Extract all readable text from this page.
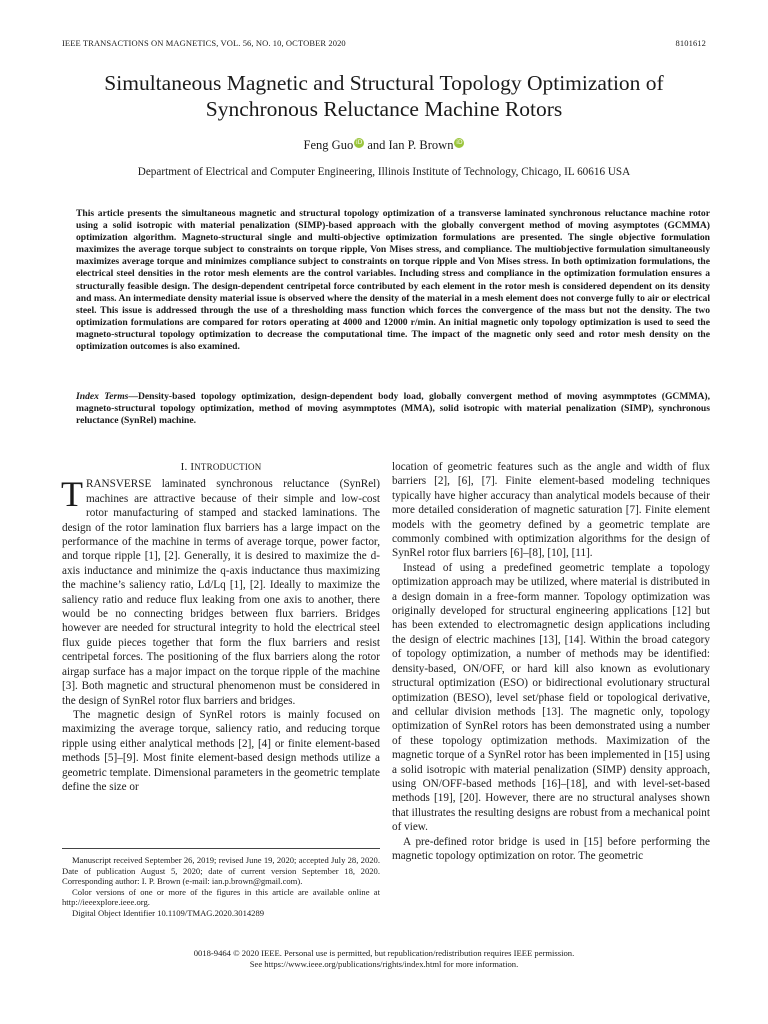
IEEE TRANSACTIONS ON MAGNETICS, VOL. 56, NO. 10, OCTOBER 2020	8101612
Simultaneous Magnetic and Structural Topology Optimization of
Synchronous Reluctance Machine Rotors
Feng Guo iD and Ian P. Brown iD
Department of Electrical and Computer Engineering, Illinois Institute of Technology, Chicago, IL 60616 USA
This article presents the simultaneous magnetic and structural topology optimization of a transverse laminated synchronous reluctance machine rotor using a solid isotropic with material penalization (SIMP)-based approach with the globally convergent method of moving asymptotes (GCMMA) optimization algorithm. Magneto-structural single and multi-objective optimization formulations are presented. The single objective formulation maximizes the average torque subject to constraints on torque ripple, Von Mises stress, and compliance. The multiobjective formulation simultaneously maximizes average torque and minimizes compliance subject to constraints on torque ripple and Von Mises stress. In both optimization formulations, the electrical steel densities in the rotor mesh elements are the control variables. Including stress and compliance in the optimization formulation ensures a structurally feasible design. The design-dependent centripetal force contributed by each element in the rotor mesh is considered dependent on its density and mass. An intermediate density material issue is observed where the density of the material in a mesh element does not converge fully to air or electrical steel. This issue is addressed through the use of a thresholding mass function which forces the convergence of the mass but not the density. The two optimization formulations are compared for rotors operating at 4000 and 12000 r/min. An initial magnetic only topology optimization is used to seed the magneto-structural topology optimization to decrease the computational time. The impact of the magnetic only seed and rotor mesh density on the optimization outcomes is also examined.
Index Terms—Density-based topology optimization, design-dependent body load, globally convergent method of moving asymmptotes (GCMMA), magneto-structural topology optimization, method of moving asymmptotes (MMA), solid isotropic with material penalization (SIMP), synchronous reluctance (SynRel) machine.
I. INTRODUCTION

TRANSVERSE laminated synchronous reluctance (SynRel) machines are attractive because of their simple and low-cost rotor manufacturing of stamped and stacked laminations. The design of the rotor lamination flux barriers has a large impact on the performance of the machine in terms of average torque, power factor, and torque ripple [1], [2]. Generally, it is desired to maximize the d-axis inductance and minimize the q-axis inductance thus maximizing the machine’s saliency ratio, Ld/Lq [1], [2]. Ideally to maximize the saliency ratio and reduce flux leaking from one axis to another, there would be no connecting bridges between flux barriers. Bridges however are needed for structural integrity to hold the electrical steel flux guide pieces together that form the flux barriers and resist centripetal forces. The positioning of the flux barriers along the rotor airgap surface has a major impact on the torque ripple of the machine [3]. Both magnetic and structural phenomenon must be considered in the design of SynRel rotor flux barriers and bridges.

The magnetic design of SynRel rotors is mainly focused on maximizing the average torque, saliency ratio, and reducing torque ripple using either analytical methods [2], [4] or finite element-based methods [5]–[9]. Most finite element-based design methods utilize a geometric template. Dimensional parameters in the geometric template define the size or

location of geometric features such as the angle and width of flux barriers [2], [6], [7]. Finite element-based modeling techniques typically have higher accuracy than analytical models because of their more detailed consideration of magnetic saturation [7]. Finite element models with the geometry defined by a geometric template are commonly combined with optimization algorithms for the design of SynRel rotor flux barriers [6]–[8], [10], [11].

Instead of using a predefined geometric template a topology optimization approach may be utilized, where material is distributed in a design domain in a free-form manner. Topology optimization was originally developed for structural engineering applications [12] but has been extended to electromagnetic design applications including the design of electric machines [13], [14]. Within the broad category of topology optimization, a number of methods may be identified: density-based, ON/OFF, or hard kill also known as evolutionary structural optimization (ESO) or bidirectional evolutionary structural optimization (BESO), level set/phase field or topological derivative, and cellular division methods [13]. The magnetic only, topology optimization of SynRel rotors has been demonstrated using a number of these topology optimization methods. Maximization of the magnetic torque of a SynRel rotor has been implemented in [15] using a solid isotropic with material penalization (SIMP) density approach, using ON/OFF-based methods [16]–[18], and with level-set-based methods [19], [20]. However, there are no structural analyses shown that illustrates the resulting designs are robust from a mechanical point of view.

A pre-defined rotor bridge is used in [15] before performing the magnetic topology optimization on rotor. The geometric

Manuscript received September 26, 2019; revised June 19, 2020; accepted July 28, 2020. Date of publication August 5, 2020; date of current version September 18, 2020. Corresponding author: I. P. Brown (e-mail: ian.p.brown@gmail.com).

Color versions of one or more of the figures in this article are available online at http://ieeexplore.ieee.org.

Digital Object Identifier 10.1109/TMAG.2020.3014289

0018-9464 © 2020 IEEE. Personal use is permitted, but republication/redistribution requires IEEE permission.
See https://www.ieee.org/publications/rights/index.html for more information.
